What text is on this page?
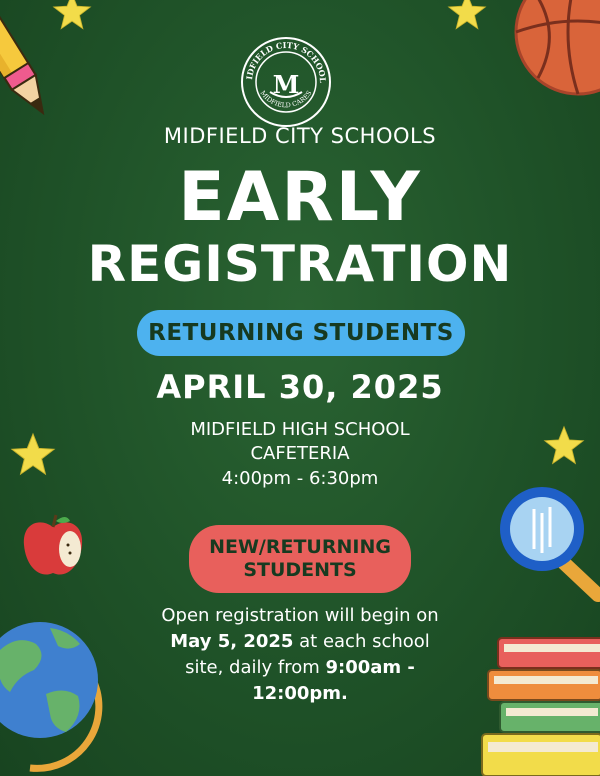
MIDFIELD CITY SCHOOLS
MIDFIELD CARES
M
MIDFIELD CITY SCHOOLS
EARLY
REGISTRATION
RETURNING STUDENTS
APRIL 30, 2025
MIDFIELD HIGH SCHOOL
CAFETERIA
4:00pm - 6:30pm
NEW/RETURNING
STUDENTS
Open registration will begin on
May 5, 2025 at each school
site, daily from 9:00am -
12:00pm.
